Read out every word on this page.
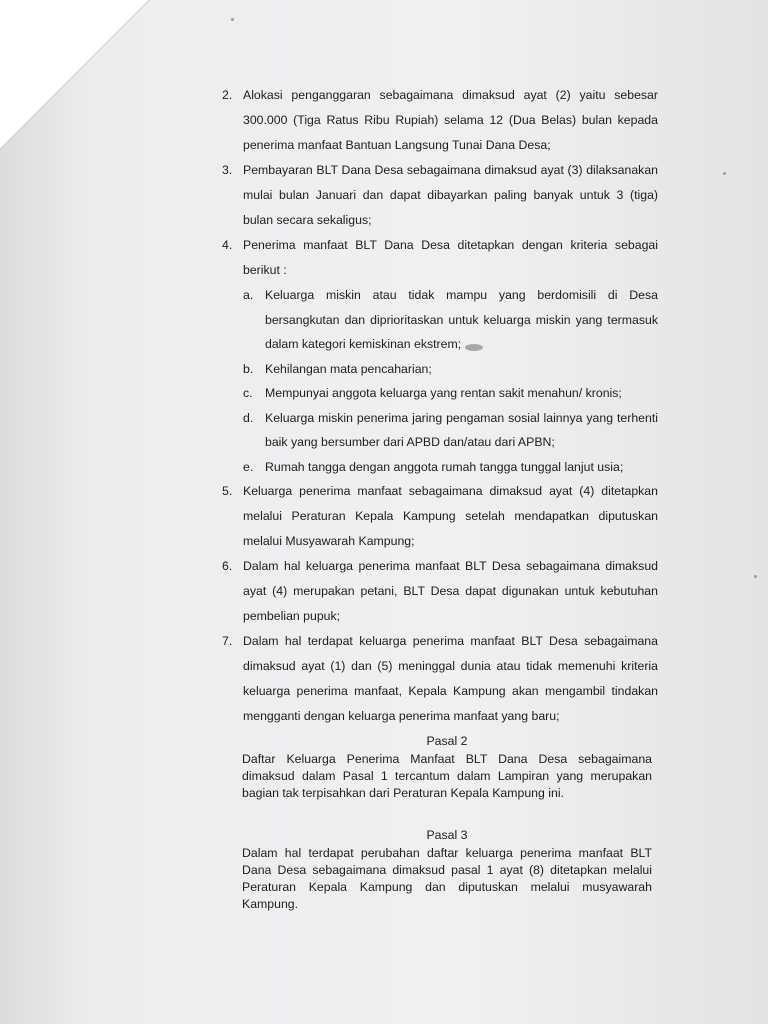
2. Alokasi penganggaran sebagaimana dimaksud ayat (2) yaitu sebesar 300.000 (Tiga Ratus Ribu Rupiah) selama 12 (Dua Belas) bulan kepada penerima manfaat Bantuan Langsung Tunai Dana Desa;
3. Pembayaran BLT Dana Desa sebagaimana dimaksud ayat (3) dilaksanakan mulai bulan Januari dan dapat dibayarkan paling banyak untuk 3 (tiga) bulan secara sekaligus;
4. Penerima manfaat BLT Dana Desa ditetapkan dengan kriteria sebagai berikut :
a. Keluarga miskin atau tidak mampu yang berdomisili di Desa bersangkutan dan diprioritaskan untuk keluarga miskin yang termasuk dalam kategori kemiskinan ekstrem;
b. Kehilangan mata pencaharian;
c. Mempunyai anggota keluarga yang rentan sakit menahun/ kronis;
d. Keluarga miskin penerima jaring pengaman sosial lainnya yang terhenti baik yang bersumber dari APBD dan/atau dari APBN;
e. Rumah tangga dengan anggota rumah tangga tunggal lanjut usia;
5. Keluarga penerima manfaat sebagaimana dimaksud ayat (4) ditetapkan melalui Peraturan Kepala Kampung setelah mendapatkan diputuskan melalui Musyawarah Kampung;
6. Dalam hal keluarga penerima manfaat BLT Desa sebagaimana dimaksud ayat (4) merupakan petani, BLT Desa dapat digunakan untuk kebutuhan pembelian pupuk;
7. Dalam hal terdapat keluarga penerima manfaat BLT Desa sebagaimana dimaksud ayat (1) dan (5) meninggal dunia atau tidak memenuhi kriteria keluarga penerima manfaat, Kepala Kampung akan mengambil tindakan mengganti dengan keluarga penerima manfaat yang baru;
Pasal 2
Daftar Keluarga Penerima Manfaat BLT Dana Desa sebagaimana dimaksud dalam Pasal 1 tercantum dalam Lampiran yang merupakan bagian tak terpisahkan dari Peraturan Kepala Kampung ini.
Pasal 3
Dalam hal terdapat perubahan daftar keluarga penerima manfaat BLT Dana Desa sebagaimana dimaksud pasal 1 ayat (8) ditetapkan melalui Peraturan Kepala Kampung dan diputuskan melalui musyawarah Kampung.
